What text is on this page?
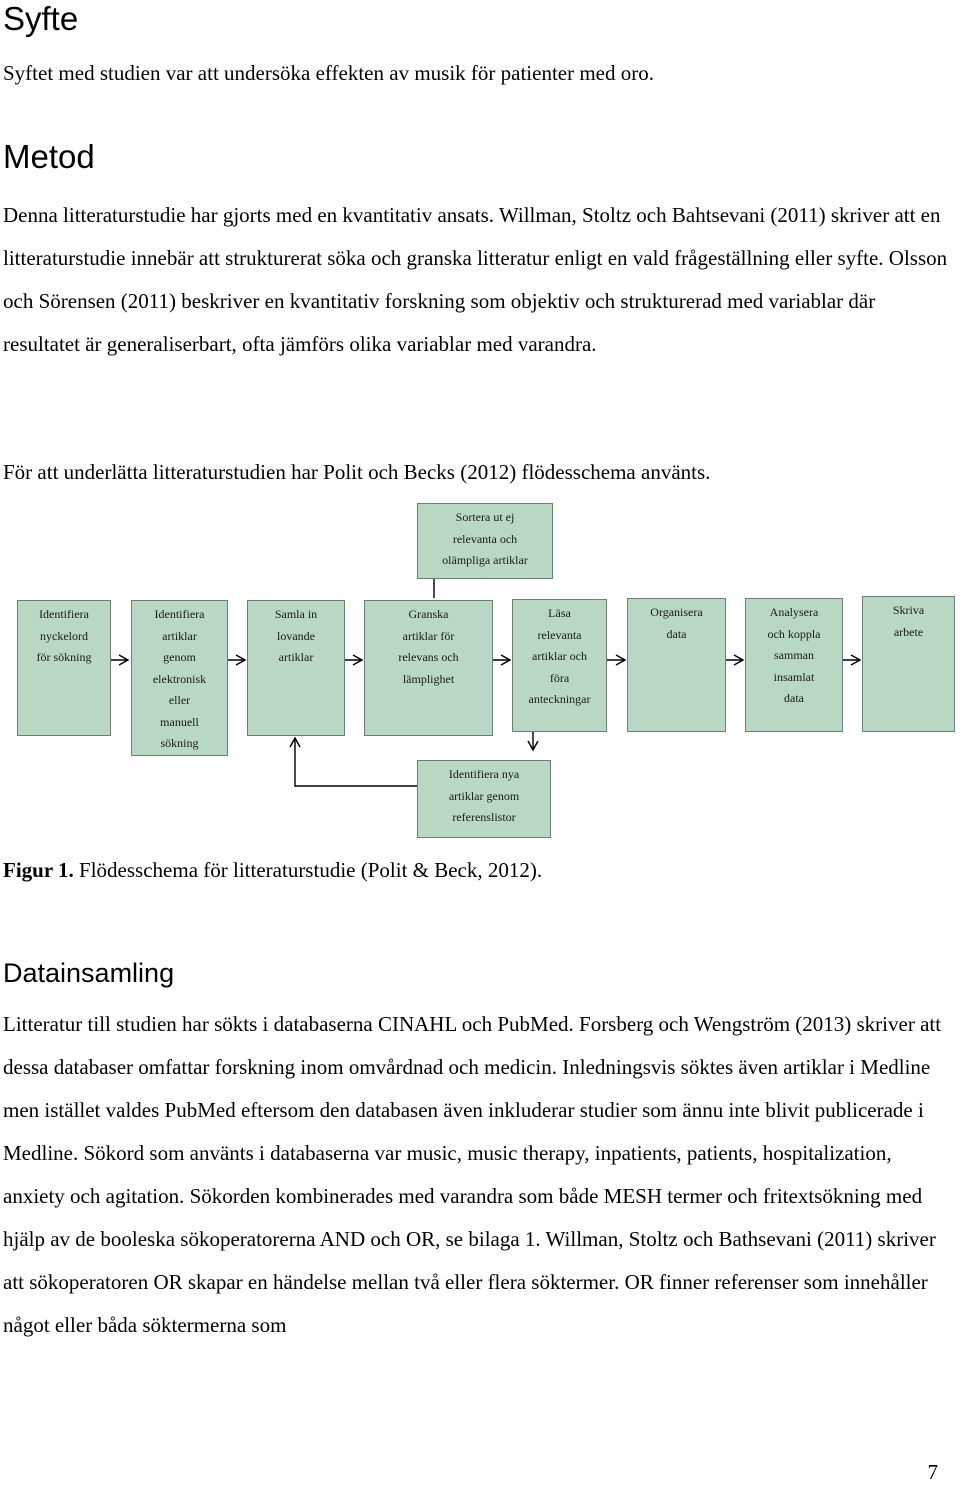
Syfte

Syftet med studien var att undersöka effekten av musik för patienter med oro.

Metod

Denna litteraturstudie har gjorts med en kvantitativ ansats. Willman, Stoltz och Bahtsevani (2011) skriver att en litteraturstudie innebär att strukturerat söka och granska litteratur enligt en vald frågeställning eller syfte. Olsson och Sörensen (2011) beskriver en kvantitativ forskning som objektiv och strukturerad med variablar där resultatet är generaliserbart, ofta jämförs olika variablar med varandra.

För att underlätta litteraturstudien har Polit och Becks (2012) flödesschema använts.

Sortera ut ej
relevanta och
olämpliga artiklar
Identifiera
nyckelord
för sökning
Identifiera
artiklar
genom
elektronisk
eller
manuell
sökning
Samla in
lovande
artiklar
Granska
artiklar för
relevans och
lämplighet
Läsa
relevanta
artiklar och
föra
anteckningar
Organisera
data
Analysera
och koppla
samman
insamlat
data
Skriva
arbete
Identifiera nya
artiklar genom
referenslistor

Figur 1. Flödesschema för litteraturstudie (Polit & Beck, 2012).

Datainsamling

Litteratur till studien har sökts i databaserna CINAHL och PubMed. Forsberg och Wengström (2013) skriver att dessa databaser omfattar forskning inom omvårdnad och medicin. Inledningsvis söktes även artiklar i Medline men istället valdes PubMed eftersom den databasen även inkluderar studier som ännu inte blivit publicerade i Medline. Sökord som använts i databaserna var music, music therapy, inpatients, patients, hospitalization, anxiety och agitation. Sökorden kombinerades med varandra som både MESH termer och fritextsökning med hjälp av de booleska sökoperatorerna AND och OR, se bilaga 1. Willman, Stoltz och Bathsevani (2011) skriver att sökoperatoren OR skapar en händelse mellan två eller flera söktermer. OR finner referenser som innehåller något eller båda söktermerna som

7
